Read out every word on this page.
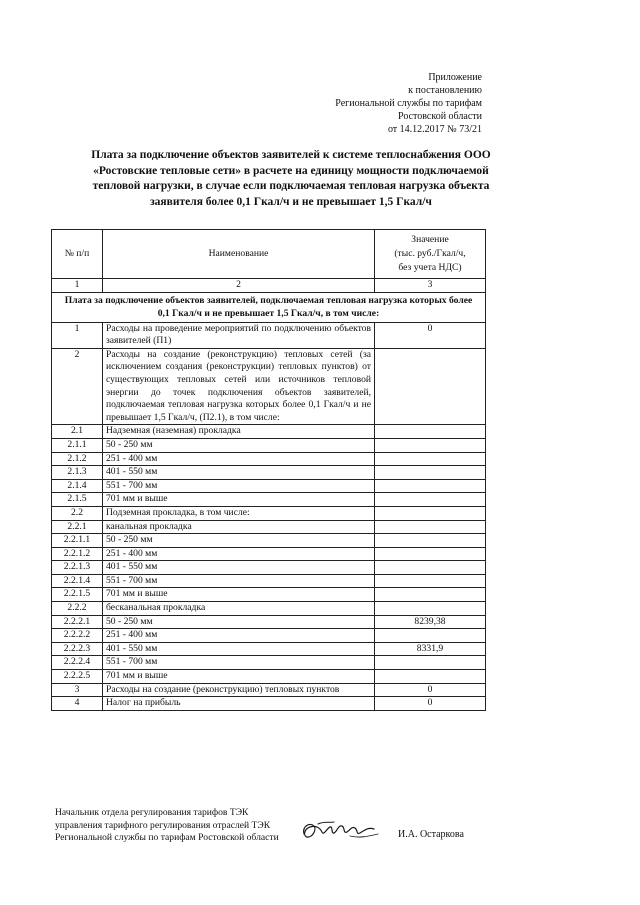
Приложение
к постановлению
Региональной службы по тарифам
Ростовской области
от 14.12.2017 № 73/21
Плата за подключение объектов заявителей к системе теплоснабжения ООО
«Ростовские тепловые сети» в расчете на единицу мощности подключаемой
тепловой нагрузки, в случае если подключаемая тепловая нагрузка объекта
заявителя более 0,1 Гкал/ч и не превышает 1,5 Гкал/ч
№ п/п	Наименование	Значение
(тыс. руб./Гкал/ч,
без учета НДС)

1	2	3

Плата за подключение объектов заявителей, подключаемая тепловая нагрузка которых более
0,1 Гкал/ч и не превышает 1,5 Гкал/ч, в том числе:		

1	Расходы на проведение мероприятий по подключению объектов заявителей (П1)	0
2	Расходы на создание (реконструкцию) тепловых сетей (за исключением создания (реконструкции) тепловых пунктов) от существующих тепловых сетей или источников тепловой энергии до точек подключения объектов заявителей, подключаемая тепловая нагрузка которых более 0,1 Гкал/ч и не превышает 1,5 Гкал/ч, (П2.1), в том числе:	
2.1	Надземная (наземная) прокладка	
2.1.1	50 - 250 мм	
2.1.2	251 - 400 мм	
2.1.3	401 - 550 мм	
2.1.4	551 - 700 мм	
2.1.5	701 мм и выше	
2.2	Подземная прокладка, в том числе:	
2.2.1	канальная прокладка	
2.2.1.1	50 - 250 мм	
2.2.1.2	251 - 400 мм	
2.2.1.3	401 - 550 мм	
2.2.1.4	551 - 700 мм	
2.2.1.5	701 мм и выше	
2.2.2	бесканальная прокладка	
2.2.2.1	50 - 250 мм	8239,38
2.2.2.2	251 - 400 мм	
2.2.2.3	401 - 550 мм	8331,9
2.2.2.4	551 - 700 мм	
2.2.2.5	701 мм и выше	
3	Расходы на создание (реконструкцию) тепловых пунктов	0
4	Налог на прибыль	0
Начальник отдела регулирования тарифов ТЭК
управления тарифного регулирования отраслей ТЭК
Региональной службы по тарифам Ростовской области	И.А. Остаркова
